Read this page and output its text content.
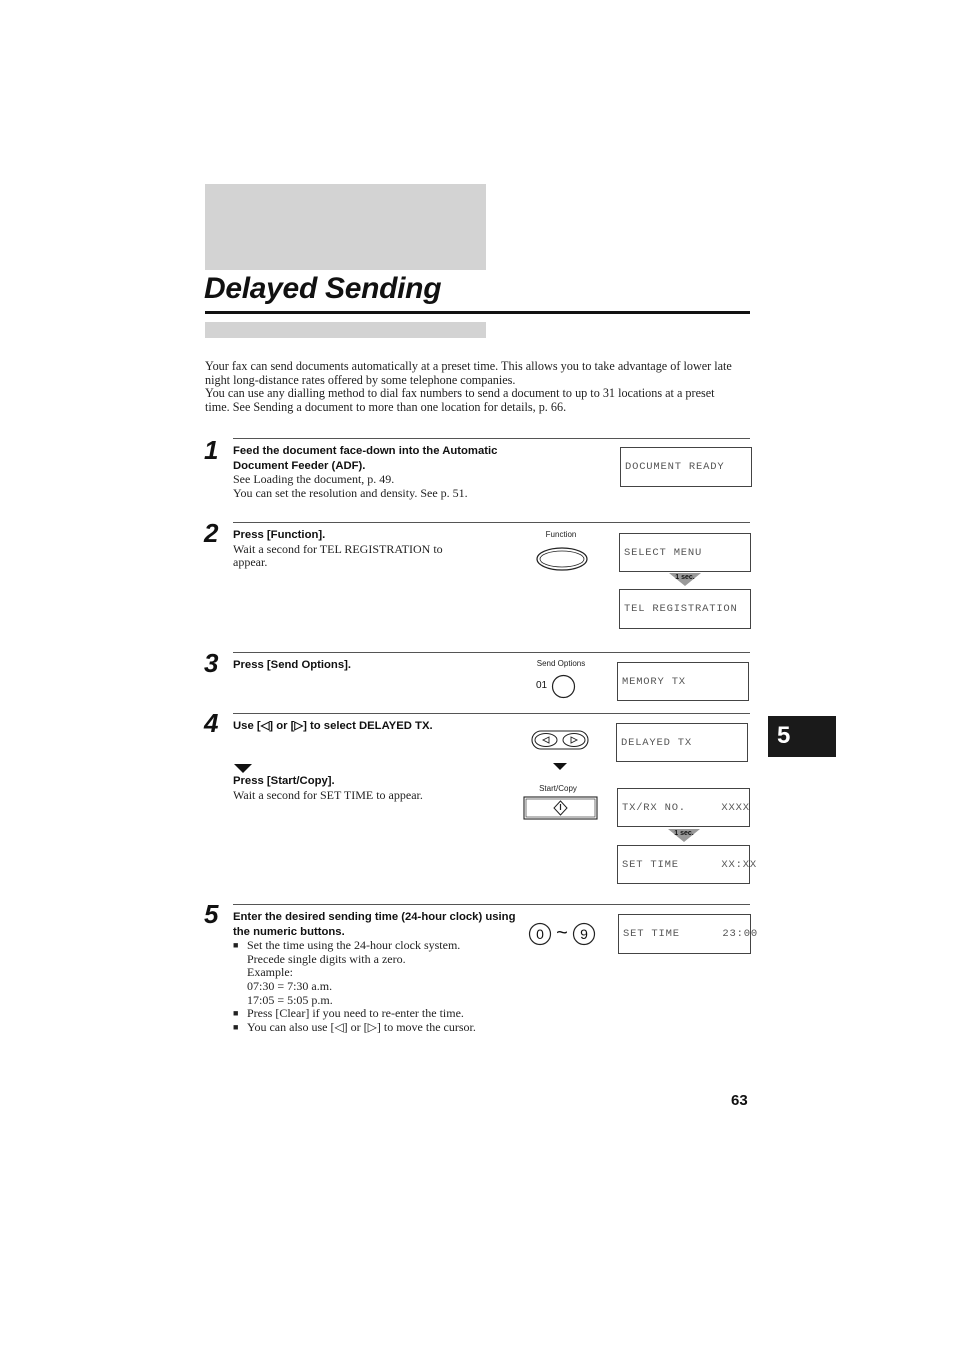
Delayed Sending
Your fax can send documents automatically at a preset time. This allows you to take advantage of lower late night long-distance rates offered by some telephone companies.
You can use any dialling method to dial fax numbers to send a document to up to 31 locations at a preset time. See Sending a document to more than one location for details, p. 66.
1 Feed the document face-down into the Automatic Document Feeder (ADF).
See Loading the document, p. 49.
You can set the resolution and density. See p. 51.
DOCUMENT READY
2 Press [Function].
Wait a second for TEL REGISTRATION to appear.
Function
SELECT MENU
1 sec.
TEL REGISTRATION
3 Press [Send Options].	Send Options
01	MEMORY TX
4 Use [◁] or [▷] to select DELAYED TX.
Press [Start/Copy].
Wait a second for SET TIME to appear.	Start/Copy
DELAYED TX
TX/RX NO.     XXXX
1 sec.
SET TIME      XX:XX
5 Enter the desired sending time (24-hour clock) using the numeric buttons.
■ Set the time using the 24-hour clock system.
Precede single digits with a zero.
Example:
07:30 = 7:30 a.m.
17:05 = 5:05 p.m.
■ Press [Clear] if you need to re-enter the time.
■ You can also use [◁] or [▷] to move the cursor.
0 ~ 9	SET TIME      23:00
5
63
